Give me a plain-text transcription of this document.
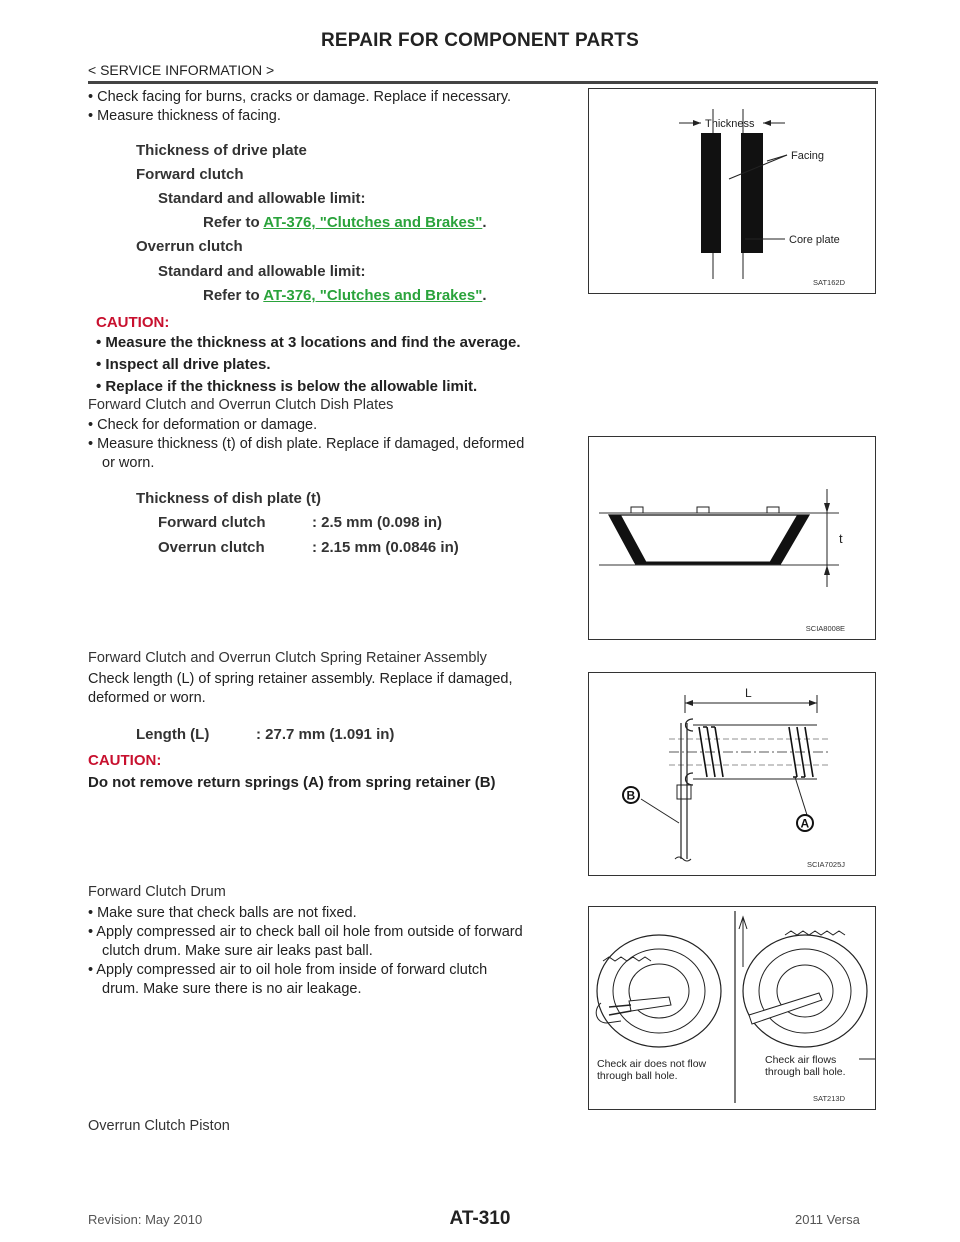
REPAIR FOR COMPONENT PARTS
< SERVICE INFORMATION >
• Check facing for burns, cracks or damage. Replace if necessary.
• Measure thickness of facing.
Thickness of drive plate
Forward clutch
Standard and allowable limit:
Refer to AT-376, "Clutches and Brakes".
Overrun clutch
Standard and allowable limit:
Refer to AT-376, "Clutches and Brakes".
CAUTION:
• Measure the thickness at 3 locations and find the average.
• Inspect all drive plates.
• Replace if the thickness is below the allowable limit.
Thickness
Facing
Core plate
SAT162D
Forward Clutch and Overrun Clutch Dish Plates
• Check for deformation or damage.
• Measure thickness (t) of dish plate. Replace if damaged, deformed
or worn.
Thickness of dish plate (t)
Forward clutch	: 2.5 mm (0.098 in)
Overrun clutch	: 2.15 mm (0.0846 in)
t
SCIA8008E
Forward Clutch and Overrun Clutch Spring Retainer Assembly
Check length (L) of spring retainer assembly. Replace if damaged,
deformed or worn.
Length (L)	: 27.7 mm (1.091 in)
CAUTION:
Do not remove return springs (A) from spring retainer (B)
L
B
A
SCIA7025J
Forward Clutch Drum
• Make sure that check balls are not fixed.
• Apply compressed air to check ball oil hole from outside of forward
clutch drum. Make sure air leaks past ball.
• Apply compressed air to oil hole from inside of forward clutch
drum. Make sure there is no air leakage.
Check air does not flow
through ball hole.
Check air flows
through ball hole.
SAT213D
Overrun Clutch Piston
Revision: May 2010	AT-310	2011 Versa
